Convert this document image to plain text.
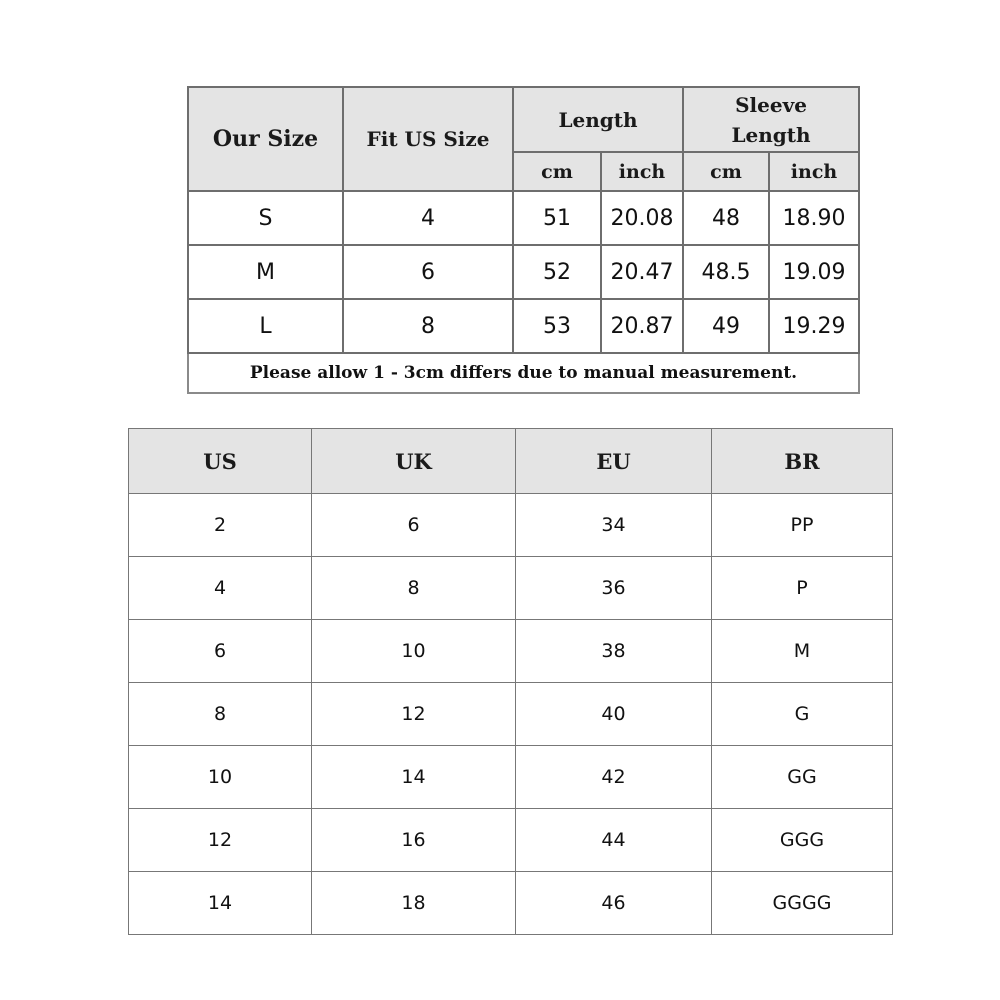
Our Size	Fit US Size	Length		Sleeve
Length	
		cm	inch	cm	inch
S	4	51	20.08	48	18.90
M	6	52	20.47	48.5	19.09
L	8	53	20.87	49	19.29
Please allow 1 - 3cm differs due to manual measurement.					
US	UK	EU	BR
2	6	34	PP
4	8	36	P
6	10	38	M
8	12	40	G
10	14	42	GG
12	16	44	GGG
14	18	46	GGGG
